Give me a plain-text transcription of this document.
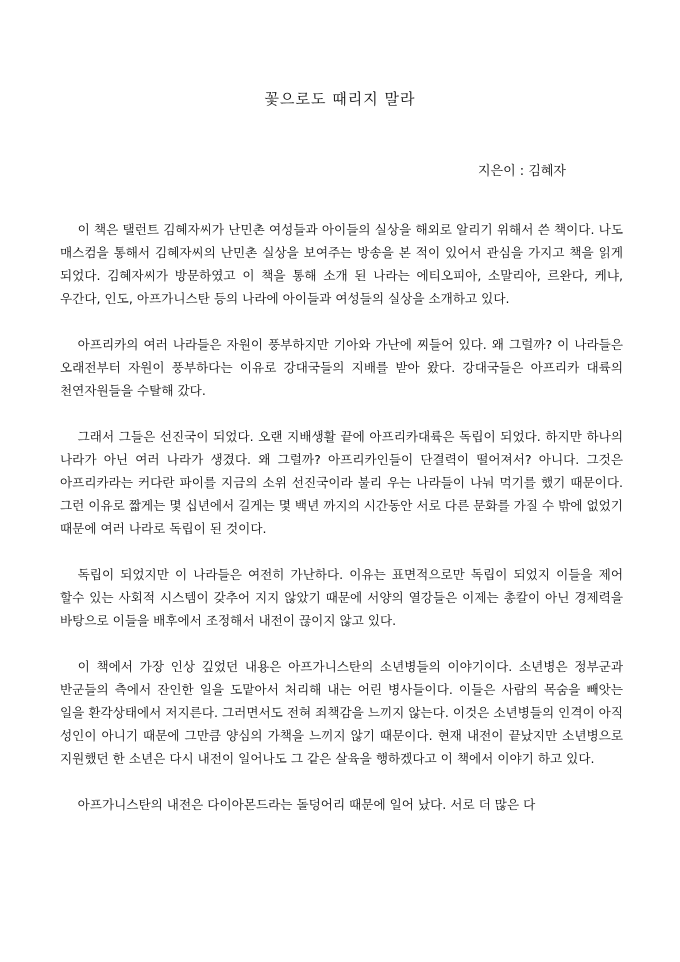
꽃으로도 때리지 말라
지은이 : 김혜자

이 책은 탤런트 김혜자씨가 난민촌 여성들과 아이들의 실상을 해외로 알리기 위해서 쓴 책이다. 나도 매스컴을 통해서 김혜자씨의 난민촌 실상을 보여주는 방송을 본 적이 있어서 관심을 가지고 책을 읽게 되었다. 김혜자씨가 방문하였고 이 책을 통해 소개 된 나라는 에티오피아, 소말리아, 르완다, 케냐, 우간다, 인도, 아프가니스탄 등의 나라에 아이들과 여성들의 실상을 소개하고 있다.

아프리카의 여러 나라들은 자원이 풍부하지만 기아와 가난에 찌들어 있다. 왜 그럴까? 이 나라들은 오래전부터 자원이 풍부하다는 이유로 강대국들의 지배를 받아 왔다. 강대국들은 아프리카 대륙의 천연자원들을 수탈해 갔다.

그래서 그들은 선진국이 되었다. 오랜 지배생활 끝에 아프리카대륙은 독립이 되었다. 하지만 하나의 나라가 아닌 여러 나라가 생겼다. 왜 그럴까? 아프리카인들이 단결력이 떨어져서? 아니다. 그것은 아프리카라는 커다란 파이를 지금의 소위 선진국이라 불리 우는 나라들이 나눠 먹기를 했기 때문이다. 그런 이유로 짧게는 몇 십년에서 길게는 몇 백년 까지의 시간동안 서로 다른 문화를 가질 수 밖에 없었기 때문에 여러 나라로 독립이 된 것이다.

독립이 되었지만 이 나라들은 여전히 가난하다. 이유는 표면적으로만 독립이 되었지 이들을 제어 할수 있는 사회적 시스템이 갖추어 지지 않았기 때문에 서양의 열강들은 이제는 총칼이 아닌 경제력을 바탕으로 이들을 배후에서 조정해서 내전이 끊이지 않고 있다.

이 책에서 가장 인상 깊었던 내용은 아프가니스탄의 소년병들의 이야기이다. 소년병은 정부군과 반군들의 측에서 잔인한 일을 도맡아서 처리해 내는 어린 병사들이다. 이들은 사람의 목숨을 빼앗는 일을 환각상태에서 저지른다. 그러면서도 전혀 죄책감을 느끼지 않는다. 이것은 소년병들의 인격이 아직 성인이 아니기 때문에 그만큼 양심의 가책을 느끼지 않기 때문이다. 현재 내전이 끝났지만 소년병으로 지원했던 한 소년은 다시 내전이 일어나도 그 같은 살육을 행하겠다고 이 책에서 이야기 하고 있다.

아프가니스탄의 내전은 다이아몬드라는 돌덩어리 때문에 일어 났다. 서로 더 많은 다
